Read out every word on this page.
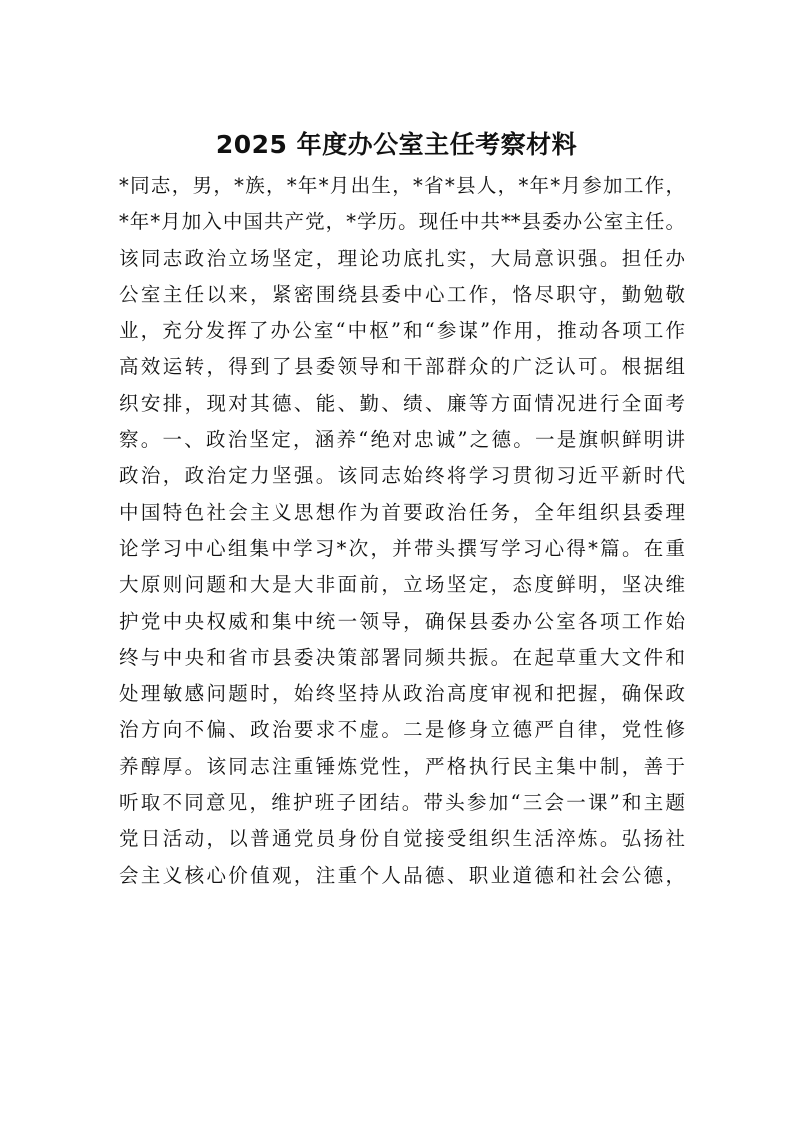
2025 年度办公室主任考察材料
*同志，男，*族，*年*月出生，*省*县人，*年*月参加工作，
*年*月加入中国共产党，*学历。现任中共**县委办公室主任。
该同志政治立场坚定，理论功底扎实，大局意识强。担任办
公室主任以来，紧密围绕县委中心工作，恪尽职守，勤勉敬
业，充分发挥了办公室“中枢”和“参谋”作用，推动各项工作
高效运转，得到了县委领导和干部群众的广泛认可。根据组
织安排，现对其德、能、勤、绩、廉等方面情况进行全面考
察。一、政治坚定，涵养“绝对忠诚”之德。一是旗帜鲜明讲
政治，政治定力坚强。该同志始终将学习贯彻习近平新时代
中国特色社会主义思想作为首要政治任务，全年组织县委理
论学习中心组集中学习*次，并带头撰写学习心得*篇。在重
大原则问题和大是大非面前，立场坚定，态度鲜明，坚决维
护党中央权威和集中统一领导，确保县委办公室各项工作始
终与中央和省市县委决策部署同频共振。在起草重大文件和
处理敏感问题时，始终坚持从政治高度审视和把握，确保政
治方向不偏、政治要求不虚。二是修身立德严自律，党性修
养醇厚。该同志注重锤炼党性，严格执行民主集中制，善于
听取不同意见，维护班子团结。带头参加“三会一课”和主题
党日活动，以普通党员身份自觉接受组织生活淬炼。弘扬社
会主义核心价值观，注重个人品德、职业道德和社会公德，
